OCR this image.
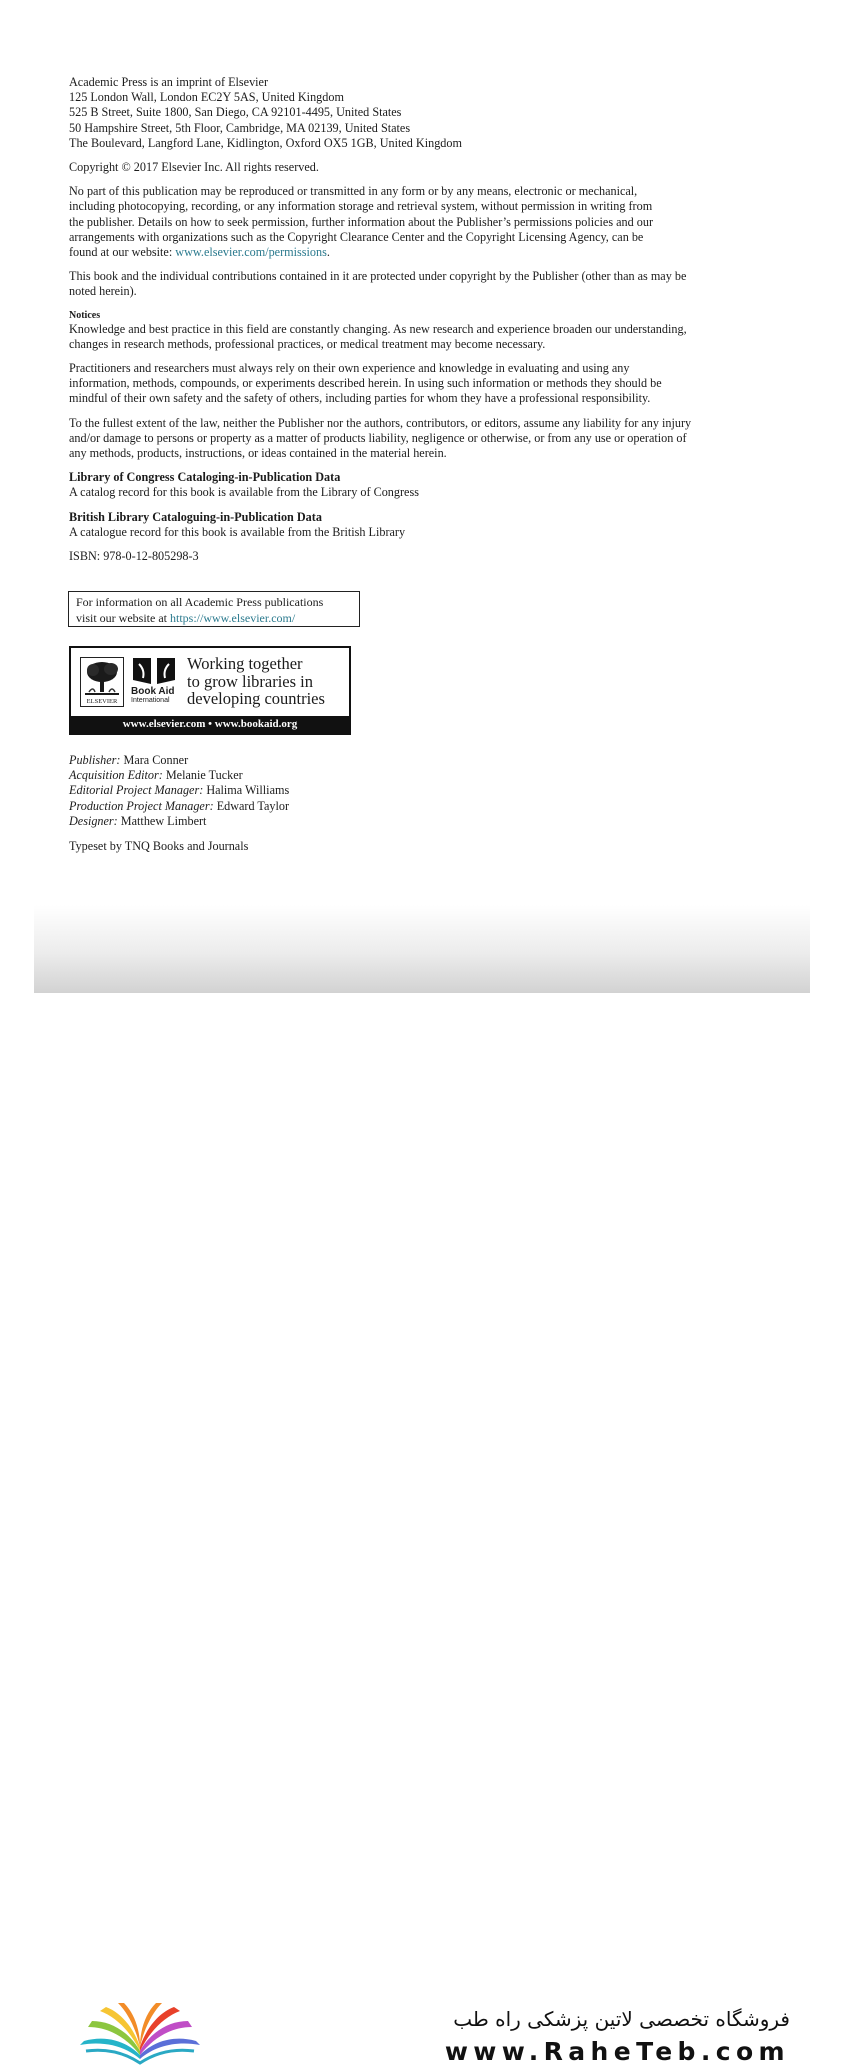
Academic Press is an imprint of Elsevier

125 London Wall, London EC2Y 5AS, United Kingdom

525 B Street, Suite 1800, San Diego, CA 92101-4495, United States

50 Hampshire Street, 5th Floor, Cambridge, MA 02139, United States

The Boulevard, Langford Lane, Kidlington, Oxford OX5 1GB, United Kingdom

Copyright © 2017 Elsevier Inc. All rights reserved.

No part of this publication may be reproduced or transmitted in any form or by any means, electronic or mechanical,

including photocopying, recording, or any information storage and retrieval system, without permission in writing from

the publisher. Details on how to seek permission, further information about the Publisher’s permissions policies and our

arrangements with organizations such as the Copyright Clearance Center and the Copyright Licensing Agency, can be

found at our website: www.elsevier.com/permissions.

This book and the individual contributions contained in it are protected under copyright by the Publisher (other than as may be

noted herein).

Notices

Knowledge and best practice in this field are constantly changing. As new research and experience broaden our understanding,

changes in research methods, professional practices, or medical treatment may become necessary.

Practitioners and researchers must always rely on their own experience and knowledge in evaluating and using any

information, methods, compounds, or experiments described herein. In using such information or methods they should be

mindful of their own safety and the safety of others, including parties for whom they have a professional responsibility.

To the fullest extent of the law, neither the Publisher nor the authors, contributors, or editors, assume any liability for any injury

and/or damage to persons or property as a matter of products liability, negligence or otherwise, or from any use or operation of

any methods, products, instructions, or ideas contained in the material herein.

Library of Congress Cataloging-in-Publication Data

A catalog record for this book is available from the Library of Congress

British Library Cataloguing-in-Publication Data

A catalogue record for this book is available from the British Library

ISBN: 978-0-12-805298-3

For information on all Academic Press publications
visit our website at https://www.elsevier.com/
ELSEVIER
Book Aid
International
Working together
to grow libraries in
developing countries
www.elsevier.com • www.bookaid.org
Publisher: Mara Conner
Acquisition Editor: Melanie Tucker
Editorial Project Manager: Halima Williams
Production Project Manager: Edward Taylor
Designer: Matthew Limbert
Typeset by TNQ Books and Journals
فروشگاه تخصصی لاتین پزشکی راه طب
www.RaheTeb.com
